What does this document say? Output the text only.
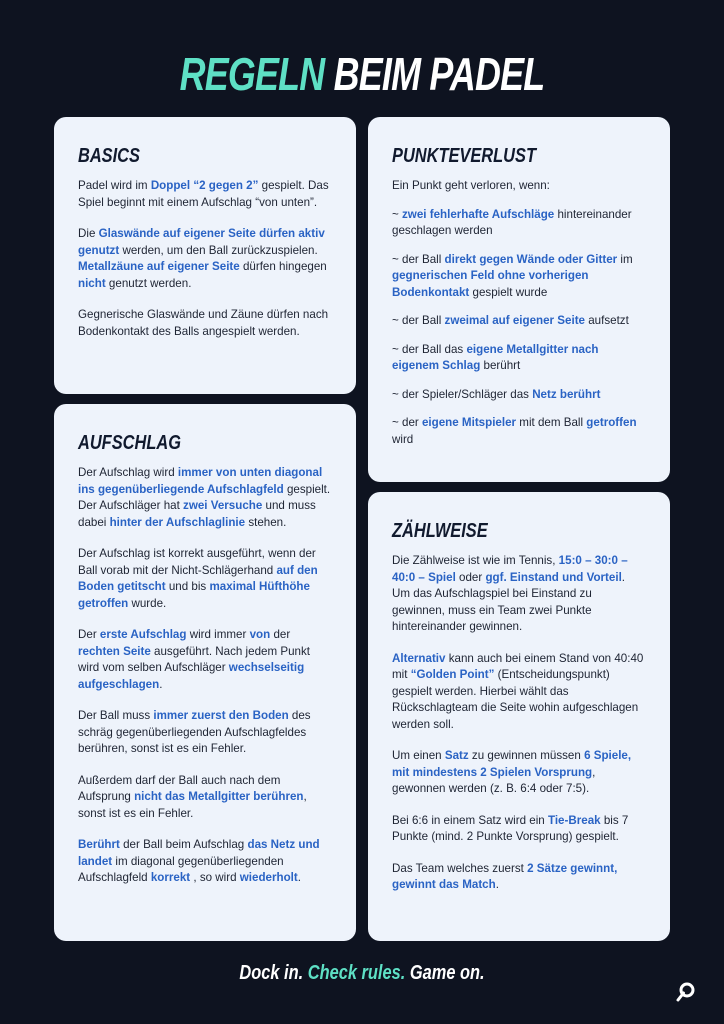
REGELN BEIM PADEL
BASICS

Padel wird im Doppel “2 gegen 2” gespielt. Das Spiel beginnt mit einem Aufschlag “von unten”.

Die Glaswände auf eigener Seite dürfen aktiv genutzt werden, um den Ball zurückzuspielen. Metallzäune auf eigener Seite dürfen hingegen nicht genutzt werden.

Gegnerische Glaswände und Zäune dürfen nach Bodenkontakt des Balls angespielt werden.

AUFSCHLAG

Der Aufschlag wird immer von unten diagonal ins gegenüberliegende Aufschlagfeld gespielt. Der Aufschläger hat zwei Versuche und muss dabei hinter der Aufschlaglinie stehen.

Der Aufschlag ist korrekt ausgeführt, wenn der Ball vorab mit der Nicht-Schlägerhand auf den Boden getitscht und bis maximal Hüfthöhe getroffen wurde.

Der erste Aufschlag wird immer von der rechten Seite ausgeführt. Nach jedem Punkt wird vom selben Aufschläger wechselseitig aufgeschlagen.

Der Ball muss immer zuerst den Boden des schräg gegenüberliegenden Aufschlagfeldes berühren, sonst ist es ein Fehler.

Außerdem darf der Ball auch nach dem Aufsprung nicht das Metallgitter berühren, sonst ist es ein Fehler.

Berührt der Ball beim Aufschlag das Netz und landet im diagonal gegenüberliegenden Aufschlagfeld korrekt , so wird wiederholt.

PUNKTEVERLUST

Ein Punkt geht verloren, wenn:

~ zwei fehlerhafte Aufschläge hintereinander geschlagen werden

~ der Ball direkt gegen Wände oder Gitter im gegnerischen Feld ohne vorherigen Bodenkontakt gespielt wurde

~ der Ball zweimal auf eigener Seite aufsetzt

~ der Ball das eigene Metallgitter nach eigenem Schlag berührt

~ der Spieler/Schläger das Netz berührt

~ der eigene Mitspieler mit dem Ball getroffen wird

ZÄHLWEISE

Die Zählweise ist wie im Tennis, 15:0 – 30:0 – 40:0 – Spiel oder ggf. Einstand und Vorteil. Um das Aufschlagspiel bei Einstand zu gewinnen, muss ein Team zwei Punkte hintereinander gewinnen.

Alternativ kann auch bei einem Stand von 40:40 mit “Golden Point” (Entscheidungspunkt) gespielt werden. Hierbei wählt das Rückschlagteam die Seite wohin aufgeschlagen werden soll.

Um einen Satz zu gewinnen müssen 6 Spiele, mit mindestens 2 Spielen Vorsprung, gewonnen werden (z. B. 6:4 oder 7:5).

Bei 6:6 in einem Satz wird ein Tie-Break bis 7 Punkte (mind. 2 Punkte Vorsprung) gespielt.

Das Team welches zuerst 2 Sätze gewinnt, gewinnt das Match.

Dock in. Check rules. Game on.
